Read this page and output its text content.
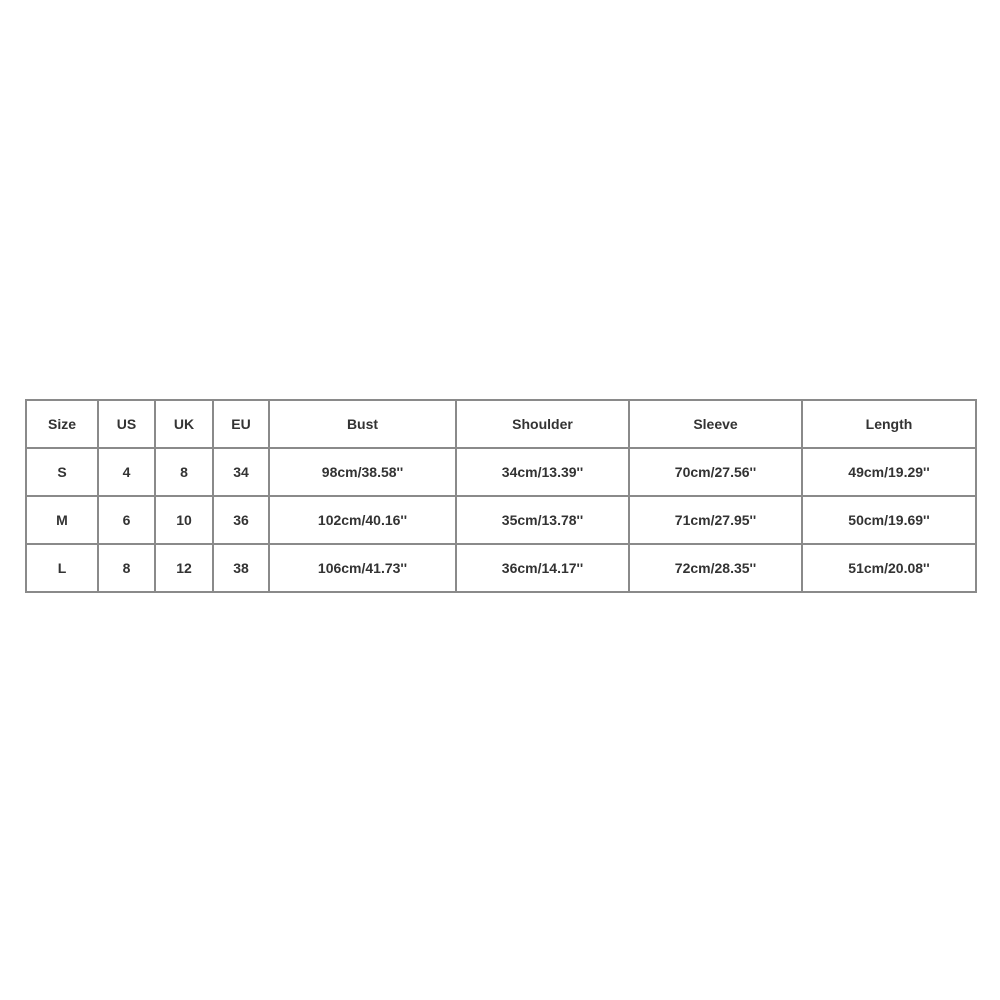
Size	US	UK	EU	Bust	Shoulder	Sleeve	Length
S	4	8	34	98cm/38.58''	34cm/13.39''	70cm/27.56''	49cm/19.29''
M	6	10	36	102cm/40.16''	35cm/13.78''	71cm/27.95''	50cm/19.69''
L	8	12	38	106cm/41.73''	36cm/14.17''	72cm/28.35''	51cm/20.08''
